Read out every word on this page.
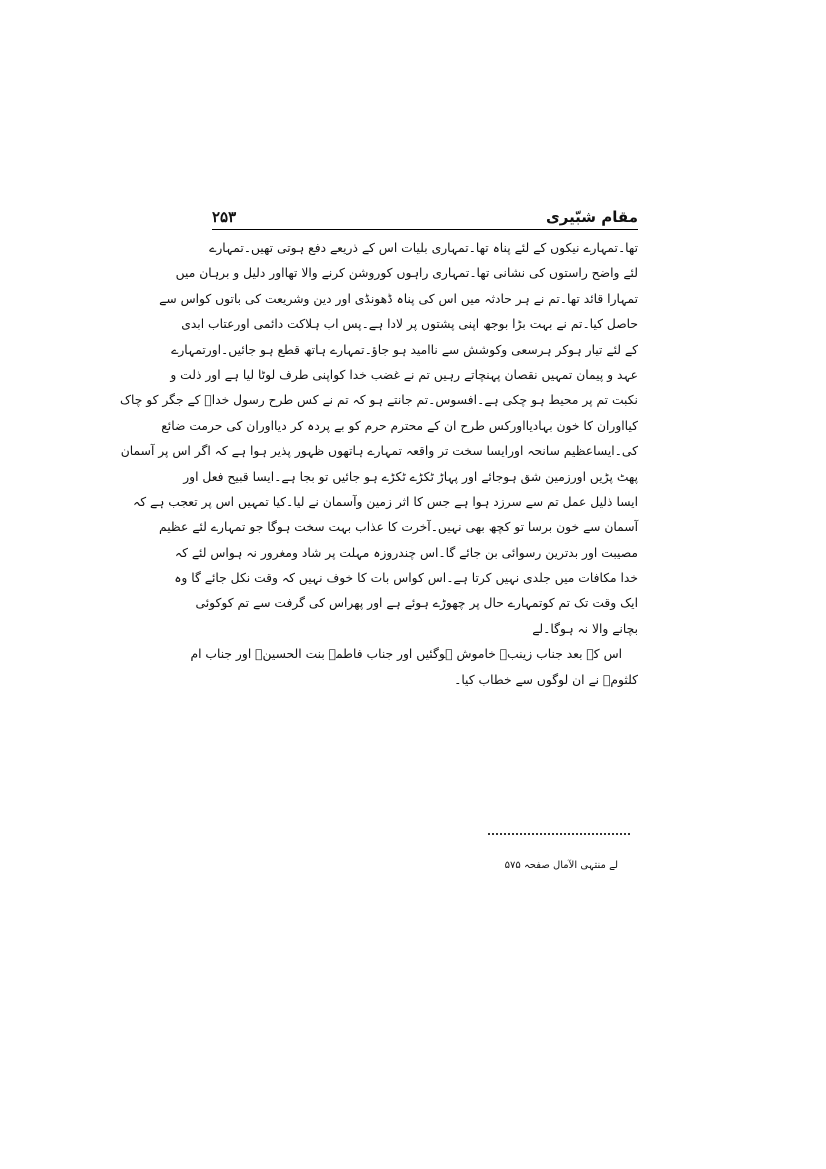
۲۵۳	مقام شبّیری
تھا۔تمہارے نیکوں کے لئے پناہ تھا۔تمہاری بلیات اس کے ذریعے دفع ہوتی تھیں۔تمہارے
لئے واضح راستوں کی نشانی تھا۔تمہاری راہوں کوروشن کرنے والا تھااور دلیل و برہان میں
تمہارا قائد تھا۔تم نے ہر حادثہ میں اس کی پناہ ڈھونڈی اور دین وشریعت کی باتوں کواس سے
حاصل کیا۔تم نے بہت بڑا بوجھ اپنی پشتوں پر لادا ہے۔پس اب ہلاکت دائمی اورعتاب ابدی
کے لئے تیار ہوکر ہرسعی وکوشش سے ناامید ہو جاؤ۔تمہارے ہاتھ قطع ہو جائیں۔اورتمہارے
عہد و پیمان تمہیں نقصان پہنچاتے رہیں تم نے غضب خدا کواپنی طرف لوٹا لیا ہے اور ذلت و
نکبت تم پر محیط ہو چکی ہے۔افسوس۔تم جانتے ہو کہ تم نے کس طرح رسول خداؐ کے جگر کو چاک
کیااوران کا خون بہادیااورکس طرح ان کے محترم حرم کو بے پردہ کر دیااوران کی حرمت ضائع
کی۔ایساعظیم سانحہ اورایسا سخت تر واقعہ تمہارے ہاتھوں ظہور پذیر ہوا ہے کہ اگر اس پر آسمان
پھٹ پڑیں اورزمین شق ہوجائے اور پہاڑ ٹکڑے ٹکڑے ہو جائیں تو بجا ہے۔ایسا قبیح فعل اور
ایسا ذلیل عمل تم سے سرزد ہوا ہے جس کا اثر زمین وآسمان نے لیا۔کیا تمہیں اس پر تعجب ہے کہ
آسمان سے خون برسا تو کچھ بھی نہیں۔آخرت کا عذاب بہت سخت ہوگا جو تمہارے لئے عظیم
مصیبت اور بدترین رسوائی بن جائے گا۔اس چندروزہ مہلت پر شاد ومغرور نہ ہواس لئے کہ
خدا مکافات میں جلدی نہیں کرتا ہے۔اس کواس بات کا خوف نہیں کہ وقت نکل جائے گا وہ
ایک وقت تک تم کوتمہارے حال پر چھوڑے ہوئے ہے اور پھراس کی گرفت سے تم کوکوئی
بچانے والا نہ ہوگا۔لے
اس کے بعد جناب زینبؑ خاموش ہوگئیں اور جناب فاطمہ بنت الحسینؑ اور جناب ام
کلثومؑ نے ان لوگوں سے خطاب کیا۔
لے منتہی الآمال صفحہ ۵۷۵
